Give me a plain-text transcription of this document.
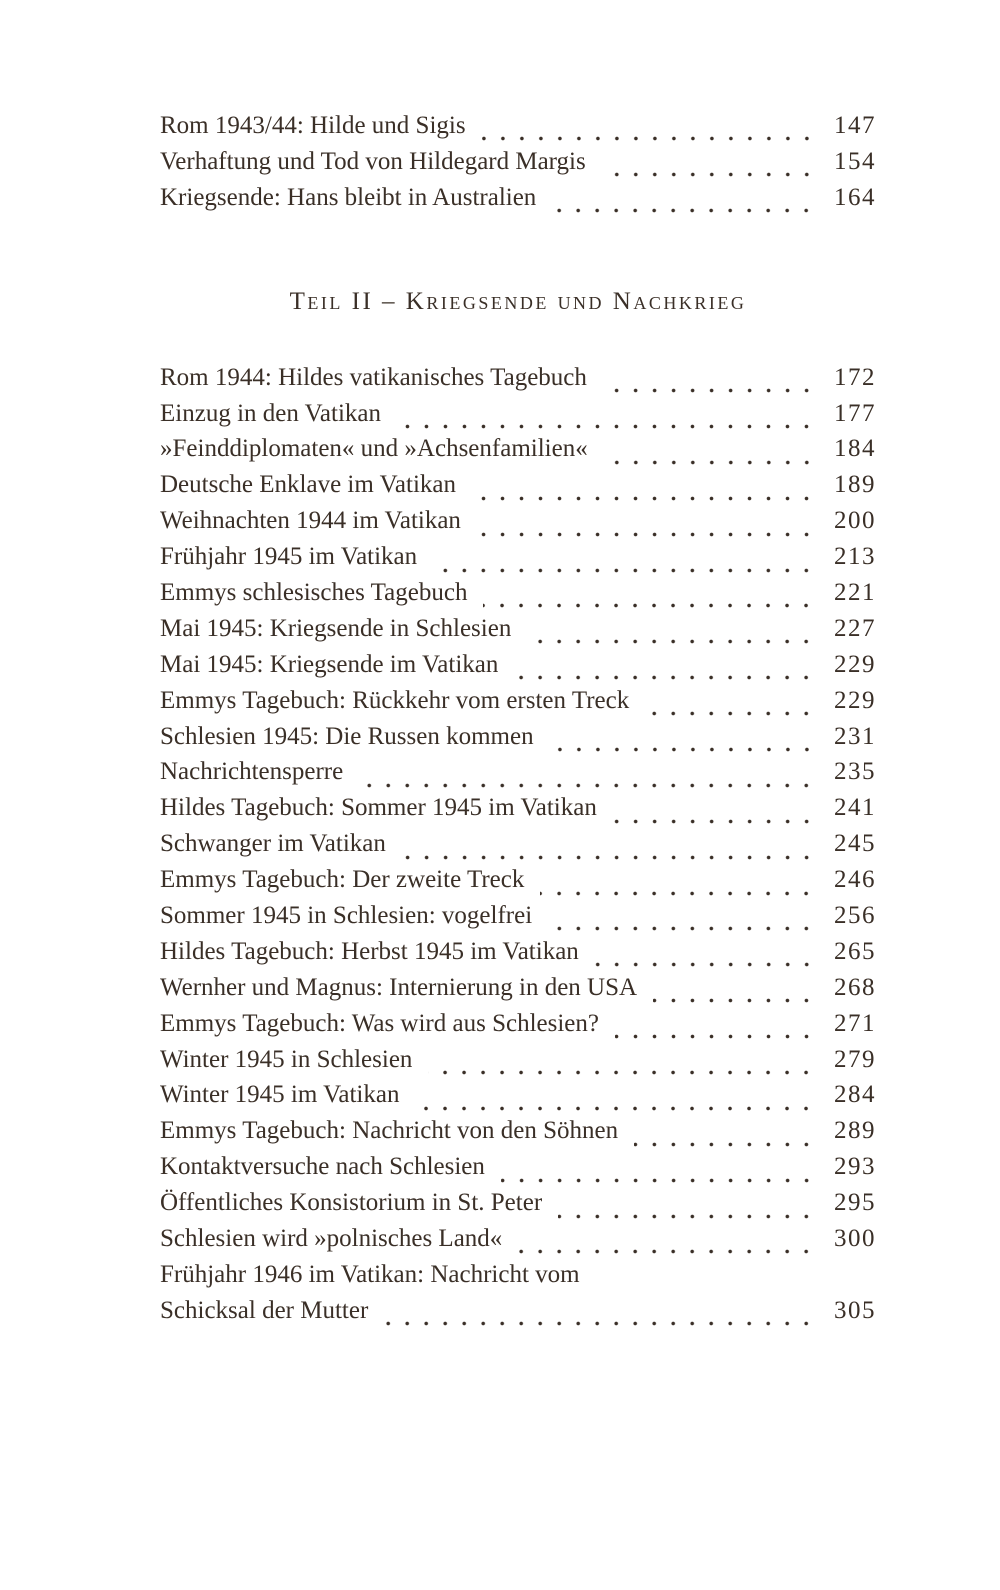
Rom 1943/44: Hilde und Sigis	147
Verhaftung und Tod von Hildegard Margis	154
Kriegsende: Hans bleibt in Australien	164
Teil II – Kriegsende und Nachkrieg
Rom 1944: Hildes vatikanisches Tagebuch	172
Einzug in den Vatikan	177
»Feinddiplomaten« und »Achsenfamilien«	184
Deutsche Enklave im Vatikan	189
Weihnachten 1944 im Vatikan	200
Frühjahr 1945 im Vatikan	213
Emmys schlesisches Tagebuch	221
Mai 1945: Kriegsende in Schlesien	227
Mai 1945: Kriegsende im Vatikan	229
Emmys Tagebuch: Rückkehr vom ersten Treck	229
Schlesien 1945: Die Russen kommen	231
Nachrichtensperre	235
Hildes Tagebuch: Sommer 1945 im Vatikan	241
Schwanger im Vatikan	245
Emmys Tagebuch: Der zweite Treck	246
Sommer 1945 in Schlesien: vogelfrei	256
Hildes Tagebuch: Herbst 1945 im Vatikan	265
Wernher und Magnus: Internierung in den USA	268
Emmys Tagebuch: Was wird aus Schlesien?	271
Winter 1945 in Schlesien	279
Winter 1945 im Vatikan	284
Emmys Tagebuch: Nachricht von den Söhnen	289
Kontaktversuche nach Schlesien	293
Öffentliches Konsistorium in St. Peter	295
Schlesien wird »polnisches Land«	300
Frühjahr 1946 im Vatikan: Nachricht vom
Schicksal der Mutter	305
